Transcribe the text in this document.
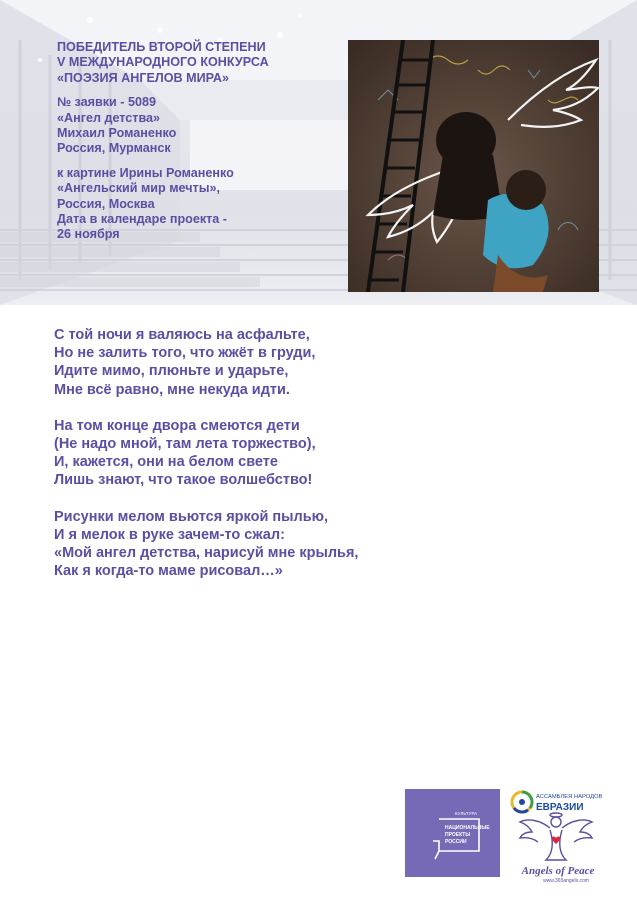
ПОБЕДИТЕЛЬ ВТОРОЙ СТЕПЕНИ
V МЕЖДУНАРОДНОГО КОНКУРСА
«ПОЭЗИЯ АНГЕЛОВ МИРА»
№ заявки - 5089
«Ангел детства»
Михаил Романенко
Россия, Мурманск
к картине Ирины Романенко
«Ангельский мир мечты»,
Россия, Москва
Дата в календаре проекта -
26 ноября
С той ночи я валяюсь на асфальте,
Но не залить того, что жжёт в груди,
Идите мимо, плюньте и ударьте,
Мне всё равно, мне некуда идти.
На том конце двора смеются дети
(Не надо мной, там лета торжество),
И, кажется, они на белом свете
Лишь знают, что такое волшебство!
Рисунки мелом вьются яркой пылью,
И я мелок в руке зачем-то сжал:
«Мой ангел детства, нарисуй мне крылья,
Как я когда-то маме рисовал…»
КУЛЬТУРА
НАЦИОНАЛЬНЫЕ
ПРОЕКТЫ
РОССИИ
АССАМБЛЕЯ НАРОДОВ
ЕВРАЗИИ
Angels of Peace
www.365angels.com
